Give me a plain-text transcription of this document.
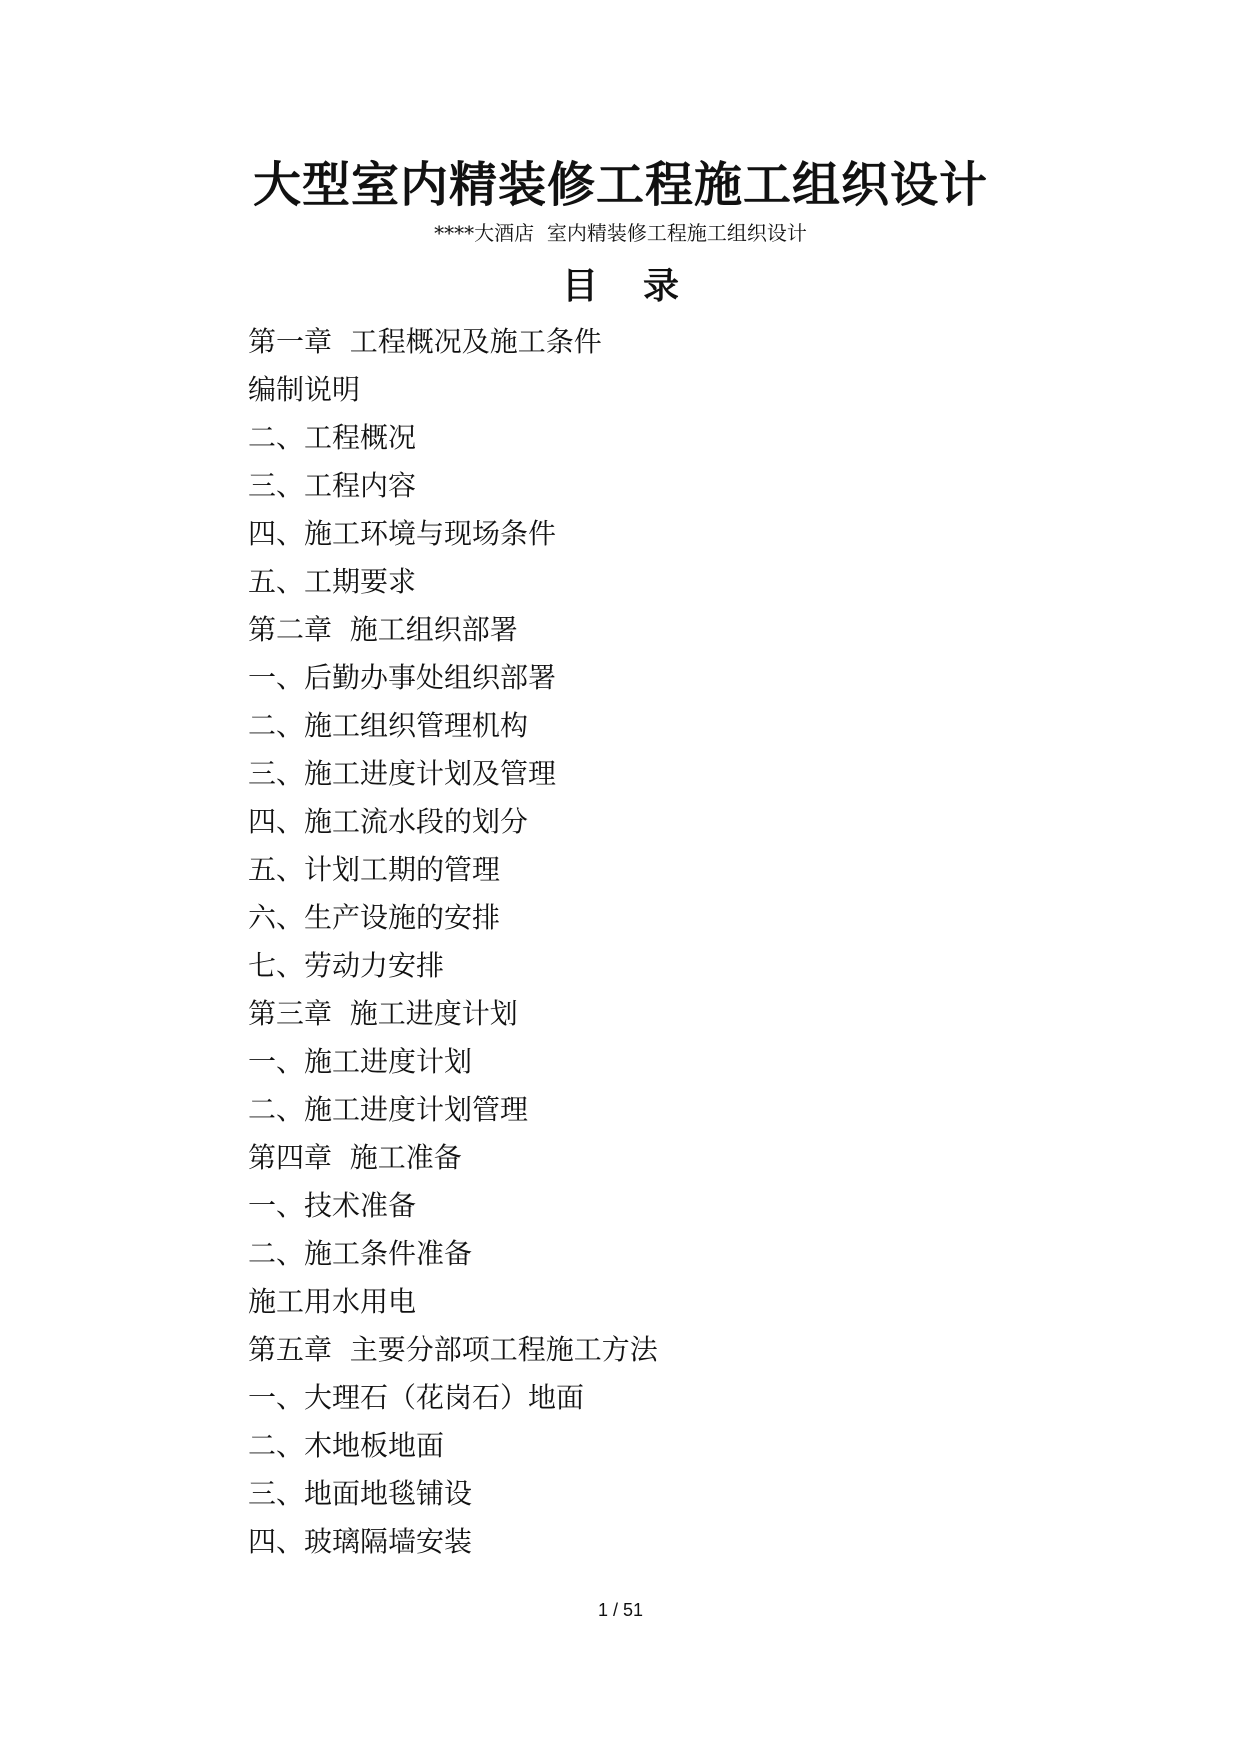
大型室内精装修工程施工组织设计

****大酒店  室内精装修工程施工组织设计

目  录
第一章  工程概况及施工条件
编制说明
二、工程概况
三、工程内容
四、施工环境与现场条件
五、工期要求
第二章  施工组织部署
一、后勤办事处组织部署
二、施工组织管理机构
三、施工进度计划及管理
四、施工流水段的划分
五、计划工期的管理
六、生产设施的安排
七、劳动力安排
第三章  施工进度计划
一、施工进度计划
二、施工进度计划管理
第四章  施工准备
一、技术准备
二、施工条件准备
施工用水用电
第五章  主要分部项工程施工方法
一、大理石（花岗石）地面
二、木地板地面
三、地面地毯铺设
四、玻璃隔墙安装

1 / 51
